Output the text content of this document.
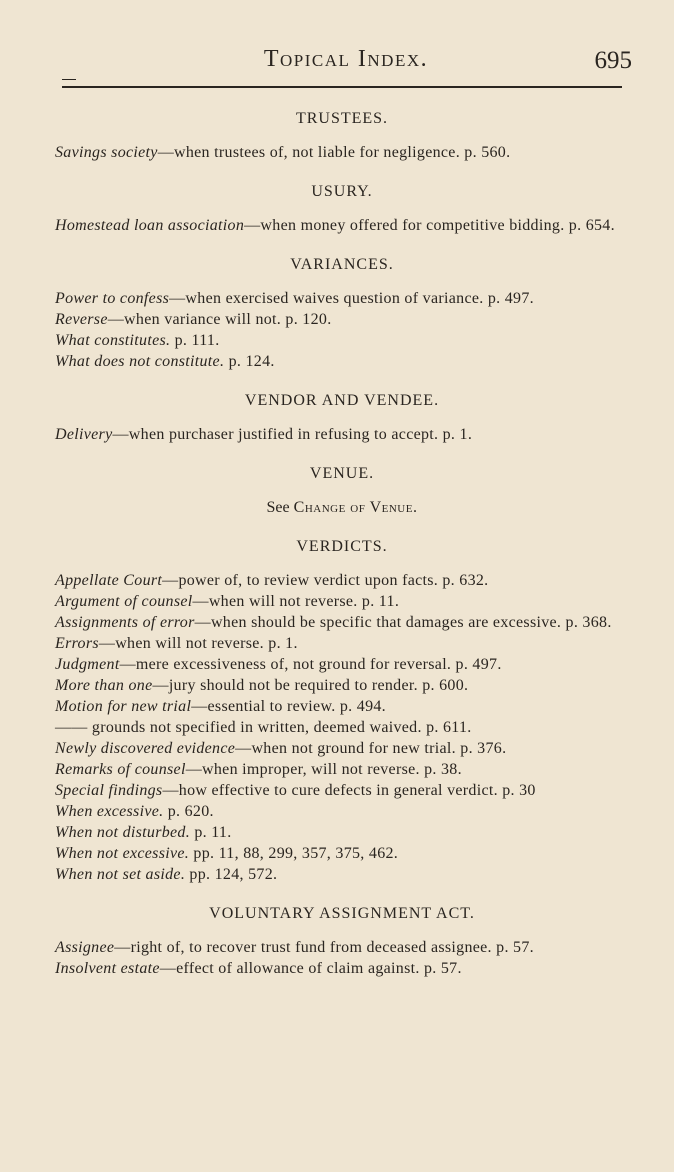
Topical Index.	695
TRUSTEES.
Savings society—when trustees of, not liable for negligence. p. 560.
USURY.
Homestead loan association—when money offered for competitive bidding. p. 654.
VARIANCES.
Power to confess—when exercised waives question of variance. p. 497.
Reverse—when variance will not. p. 120.
What constitutes. p. 111.
What does not constitute. p. 124.
VENDOR AND VENDEE.
Delivery—when purchaser justified in refusing to accept. p. 1.
VENUE.
See Change of Venue.
VERDICTS.
Appellate Court—power of, to review verdict upon facts. p. 632.
Argument of counsel—when will not reverse. p. 11.
Assignments of error—when should be specific that damages are excessive. p. 368.
Errors—when will not reverse. p. 1.
Judgment—mere excessiveness of, not ground for reversal. p. 497.
More than one—jury should not be required to render. p. 600.
Motion for new trial—essential to review. p. 494.
—— grounds not specified in written, deemed waived. p. 611.
Newly discovered evidence—when not ground for new trial. p. 376.
Remarks of counsel—when improper, will not reverse. p. 38.
Special findings—how effective to cure defects in general verdict. p. 30
When excessive. p. 620.
When not disturbed. p. 11.
When not excessive. pp. 11, 88, 299, 357, 375, 462.
When not set aside. pp. 124, 572.
VOLUNTARY ASSIGNMENT ACT.
Assignee—right of, to recover trust fund from deceased assignee. p. 57.
Insolvent estate—effect of allowance of claim against. p. 57.
